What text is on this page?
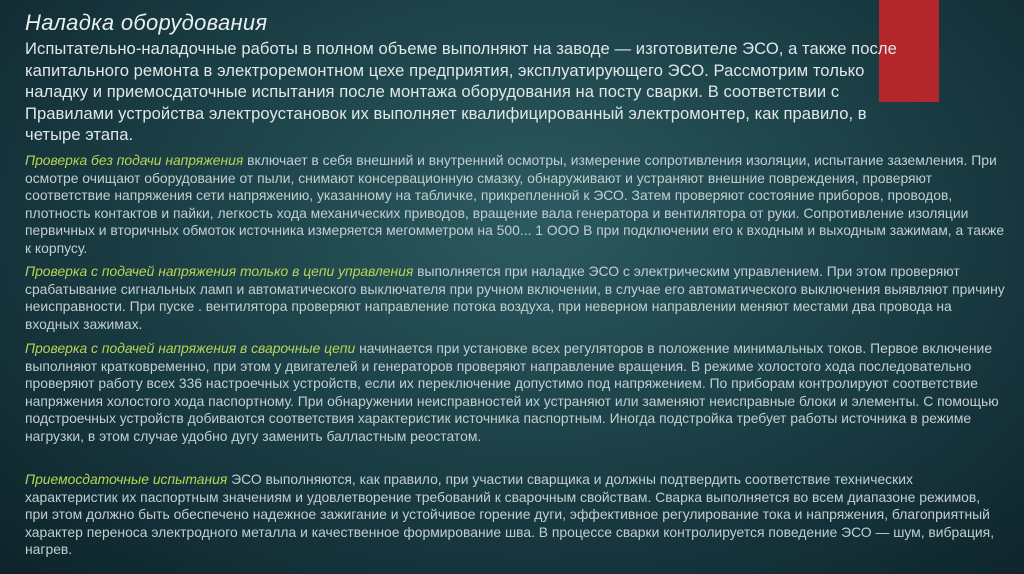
Наладка оборудования

Испытательно-наладочные работы в полном объеме выполняют на заводе — изготовителе ЭСО, а также после капитального ремонта в электроремонтном цехе предприятия, эксплуатирующего ЭСО. Рассмотрим только наладку и приемосдаточные испытания после монтажа оборудования на посту сварки. В соответствии с Правилами устройства электроустановок их выполняет квалифицированный электромонтер, как правило, в четыре этапа.

Проверка без подачи напряжения включает в себя внешний и внутренний осмотры, измерение сопротивления изоляции, испытание заземления. При осмотре очищают оборудование от пыли, снимают консервационную смазку, обнаруживают и устраняют внешние повреждения, проверяют соответствие напряжения сети напряжению, указанному на табличке, прикрепленной к ЭСО. Затем проверяют состояние приборов, проводов, плотность контактов и пайки, легкость хода механических приводов, вращение вала генератора и вентилятора от руки. Сопротивление изоляции первичных и вторичных обмоток источника измеряется мегомметром на 500... 1 ООО В при подключении его к входным и выходным зажимам, а также к корпусу.

Проверка с подачей напряжения только в цепи управления выполняется при наладке ЭСО с электрическим управлением. При этом проверяют срабатывание сигнальных ламп и автоматического выключателя при ручном включении, в случае его автоматического выключения выявляют причину неисправности. При пуске . вентилятора проверяют направление потока воздуха, при неверном направлении меняют местами два провода на входных зажимах.

Проверка с подачей напряжения в сварочные цепи начинается при установке всех регуляторов в положение минимальных токов. Первое включение выполняют кратковременно, при этом у двигателей и генераторов проверяют направление вращения. В режиме холостого хода последовательно проверяют работу всех 336 настроечных устройств, если их переключение допустимо под напряжением. По приборам контролируют соответствие напряжения холостого хода паспортному. При обнаружении неисправностей их устраняют или заменяют неисправные блоки и элементы. С помощью подстроечных устройств добиваются соответствия характеристик источника паспортным. Иногда подстройка требует работы источника в режиме нагрузки, в этом случае удобно дугу заменить балластным реостатом.

Приемосдаточные испытания ЭСО выполняются, как правило, при участии сварщика и должны подтвердить соответствие технических характеристик их паспортным значениям и удовлетворение требований к сварочным свойствам. Сварка выполняется во всем диапазоне режимов, при этом должно быть обеспечено надежное зажигание и устойчивое горение дуги, эффективное регулирование тока и напряжения, благоприятный характер переноса электродного металла и качественное формирование шва. В процессе сварки контролируется поведение ЭСО — шум, вибрация, нагрев.
